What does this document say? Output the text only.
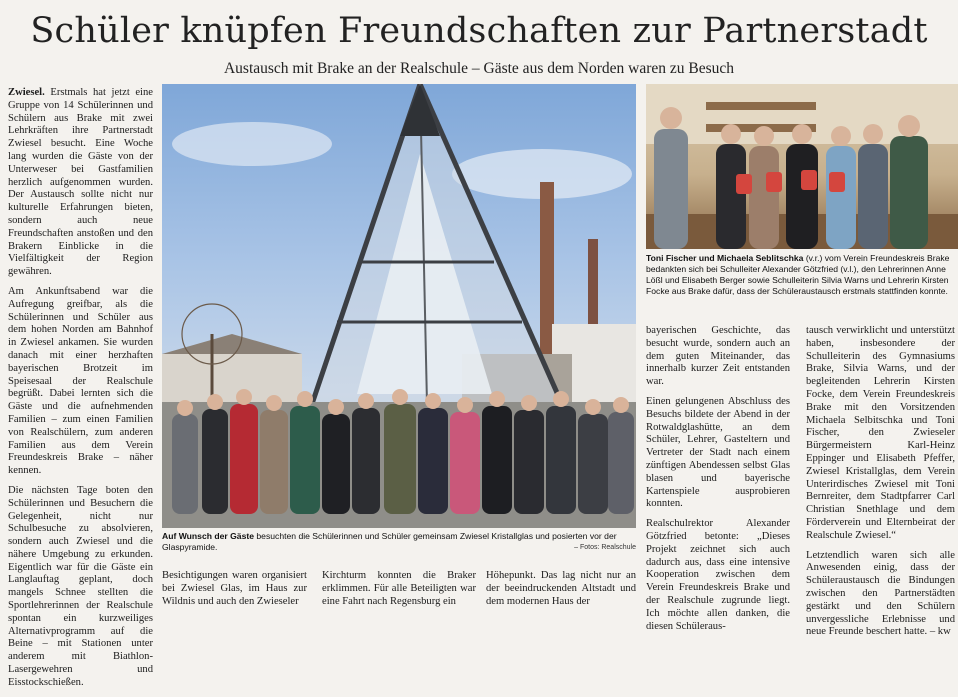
Schüler knüpfen Freundschaften zur Partnerstadt
Austausch mit Brake an der Realschule – Gäste aus dem Norden waren zu Besuch

Zwiesel. Erstmals hat jetzt eine Gruppe von 14 Schülerinnen und Schülern aus Brake mit zwei Lehrkräften ihre Partnerstadt Zwiesel besucht. Eine Woche lang wurden die Gäste von der Unterweser bei Gastfamilien herzlich aufgenommen wurden. Der Austausch sollte nicht nur kulturelle Erfahrungen bieten, sondern auch neue Freundschaften anstoßen und den Brakern Einblicke in die Vielfältigkeit der Region gewähren.

Am Ankunftsabend war die Aufregung greifbar, als die Schülerinnen und Schüler aus dem hohen Norden am Bahnhof in Zwiesel ankamen. Sie wurden danach mit einer herzhaften bayerischen Brotzeit im Speisesaal der Realschule begrüßt. Dabei lernten sich die Gäste und die aufnehmenden Familien – zum einen Familien von Realschülern, zum anderen Familien aus dem Verein Freundeskreis Brake – näher kennen.

Die nächsten Tage boten den Schülerinnen und Besuchern die Gelegenheit, nicht nur Schulbesuche zu absolvieren, sondern auch Zwiesel und die nähere Umgebung zu erkunden. Eigentlich war für die Gäste ein Langlauftag geplant, doch mangels Schnee stellten die Sportlehrerinnen der Realschule spontan ein kurzweiliges Alternativprogramm auf die Beine – mit Stationen unter anderem mit Biathlon-Lasergewehren und Eisstockschießen.

Auf Wunsch der Gäste besuchten die Schülerinnen und Schüler gemeinsam Zwiesel Kristallglas und posierten vor der Glaspyramide.	– Fotos: Realschule
Toni Fischer und Michaela Seblitschka (v.r.) vom Verein Freundeskreis Brake bedankten sich bei Schulleiter Alexander Götzfried (v.l.), den Lehrerinnen Anne Lößl und Elisabeth Berger sowie Schulleiterin Silvia Warns und Lehrerin Kirsten Focke aus Brake dafür, dass der Schüleraustausch erstmals stattfinden konnte.

bayerischen Geschichte, das besucht wurde, sondern auch an dem guten Miteinander, das innerhalb kurzer Zeit entstanden war.

Einen gelungenen Abschluss des Besuchs bildete der Abend in der Rotwaldglashütte, an dem Schüler, Lehrer, Gasteltern und Vertreter der Stadt nach einem zünftigen Abendessen selbst Glas blasen und bayerische Kartenspiele ausprobieren konnten.

Realschulrektor Alexander Götzfried betonte: „Dieses Projekt zeichnet sich auch dadurch aus, dass eine intensive Kooperation zwischen dem Verein Freundeskreis Brake und der Realschule zugrunde liegt. Ich möchte allen danken, die diesen Schüleraus-

tausch verwirklicht und unterstützt haben, insbesondere der Schulleiterin des Gymnasiums Brake, Silvia Warns, und der begleitenden Lehrerin Kirsten Focke, dem Verein Freundeskreis Brake mit den Vorsitzenden Michaela Selbitschka und Toni Fischer, den Zwieseler Bürgermeistern Karl-Heinz Eppinger und Elisabeth Pfeffer, Zwiesel Kristallglas, dem Verein Unterirdisches Zwiesel mit Toni Bernreiter, dem Stadtpfarrer Carl Christian Snethlage und dem Förderverein und Elternbeirat der Realschule Zwiesel.“

Letztendlich waren sich alle Anwesenden einig, dass der Schüleraustausch die Bindungen zwischen den Partnerstädten gestärkt und den Schülern unvergessliche Erlebnisse und neue Freunde beschert hatte. – kw

Besichtigungen waren organisiert bei Zwiesel Glas, im Haus zur Wildnis und auch den Zwieseler
Kirchturm konnten die Braker erklimmen. Für alle Beteiligten war eine Fahrt nach Regensburg ein
Höhepunkt. Das lag nicht nur an der beeindruckenden Altstadt und dem modernen Haus der
